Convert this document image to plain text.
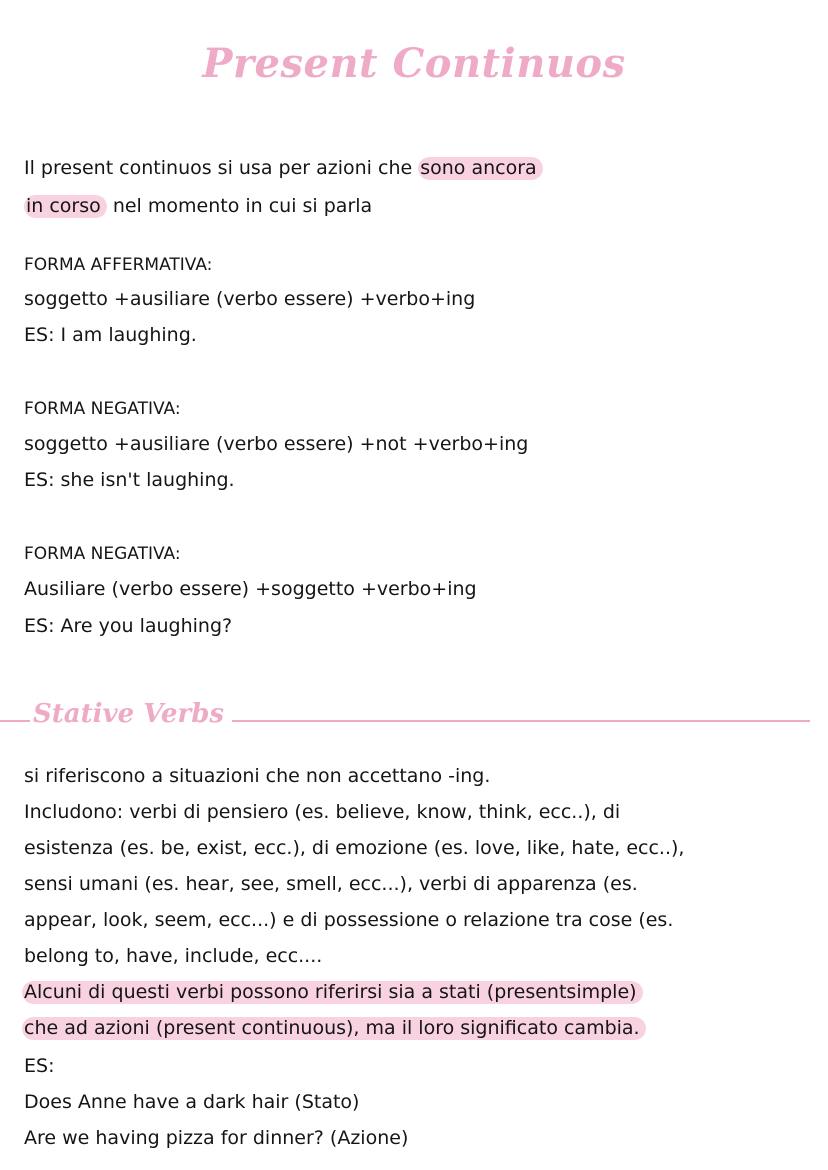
Present Continuos
Il present continuos si usa per azioni che sono ancora
in corso nel momento in cui si parla
FORMA AFFERMATIVA:
soggetto +ausiliare (verbo essere) +verbo+ing
ES: I am laughing.
FORMA NEGATIVA:
soggetto +ausiliare (verbo essere) +not +verbo+ing
ES: she isn't laughing.
FORMA NEGATIVA:
Ausiliare (verbo essere) +soggetto +verbo+ing
ES: Are you laughing?
Stative Verbs
si riferiscono a situazioni che non accettano -ing.
Includono: verbi di pensiero (es. believe, know, think, ecc..), di
esistenza (es. be, exist, ecc.), di emozione (es. love, like, hate, ecc..),
sensi umani (es. hear, see, smell, ecc...), verbi di apparenza (es.
appear, look, seem, ecc...) e di possessione o relazione tra cose (es.
belong to, have, include, ecc....
Alcuni di questi verbi possono riferirsi sia a stati (presentsimple)
che ad azioni (present continuous), ma il loro significato cambia.
ES:
Does Anne have a dark hair (Stato)
Are we having pizza for dinner? (Azione)
